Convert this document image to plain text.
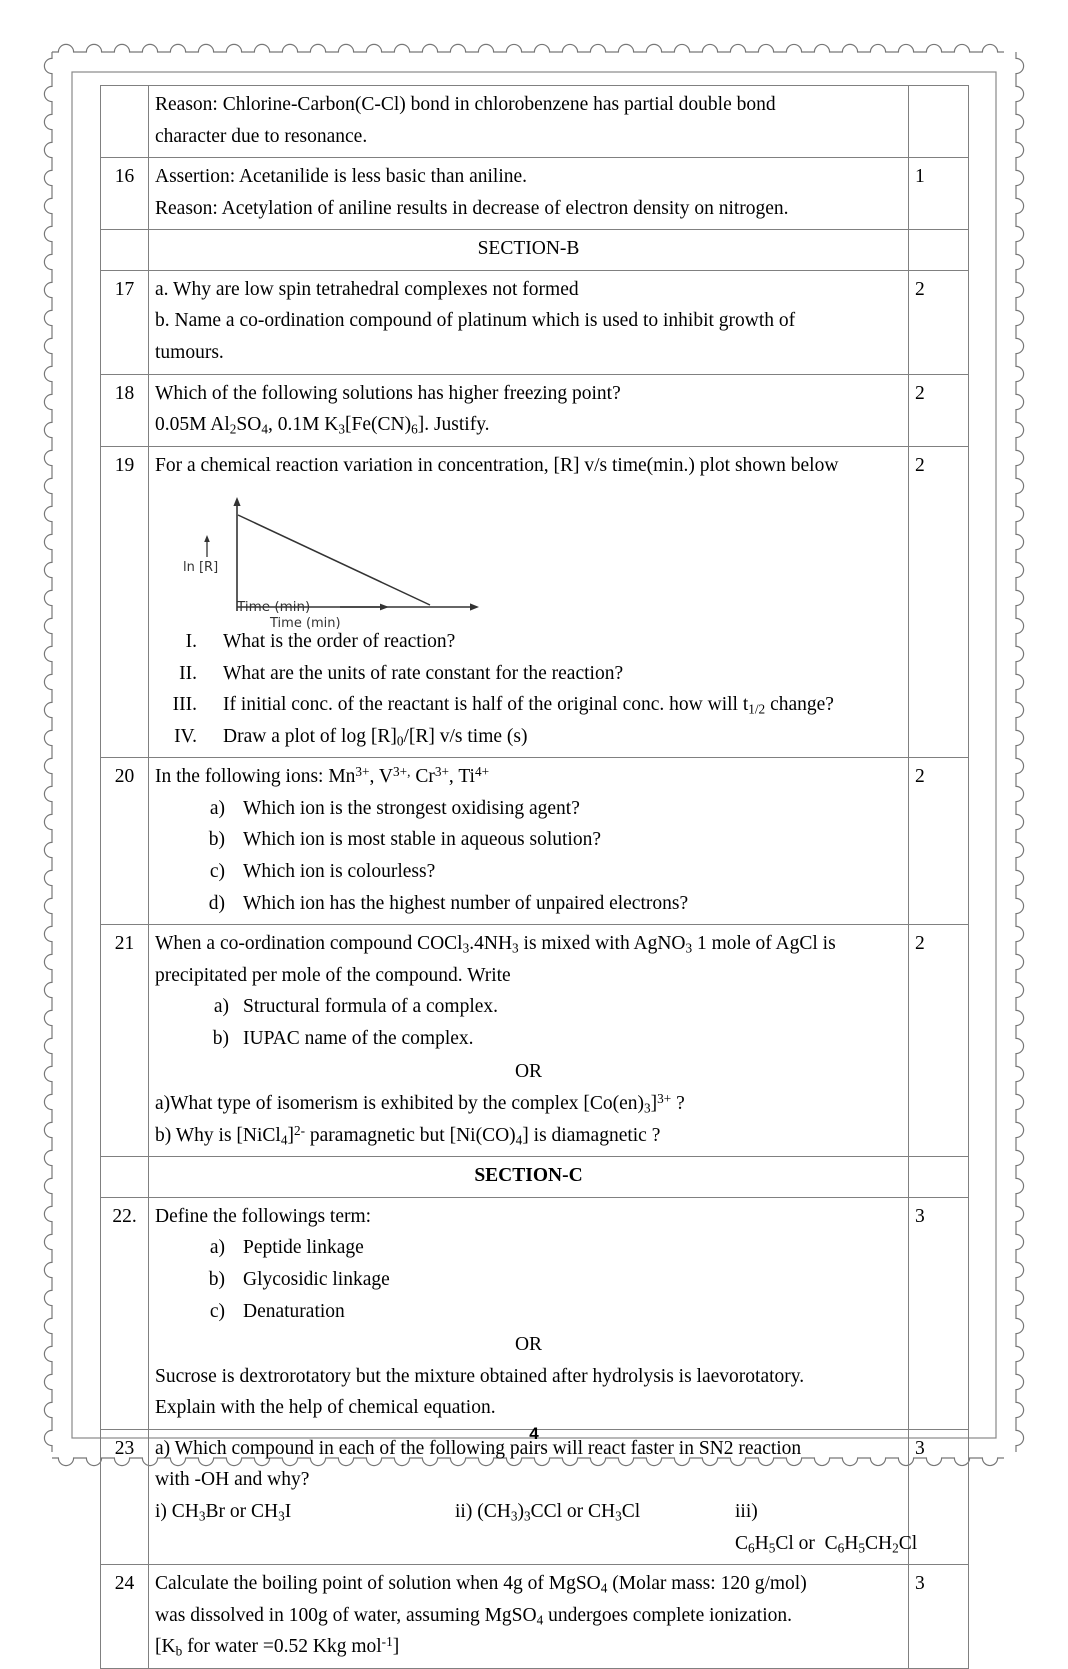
	Reason: Chlorine-Carbon(C-Cl) bond in chlorobenzene has partial double bond
character due to resonance.	

16	Assertion: Acetanilide is less basic than aniline.
Reason: Acetylation of aniline results in decrease of electron density on nitrogen.	1
	SECTION-B	
17	a. Why are low spin tetrahedral complexes not formed
b. Name a co-ordination compound of platinum which is used to inhibit growth of
tumours.	2
18	Which of the following solutions has higher freezing point?
0.05M $Al_2SO_4$, 0.1M $K_3[Fe(CN)_6]$. Justify.	2
19	For a chemical reaction variation in concentration, [R] v/s time(min.) plot shown below
ln [R]
Time (min)
Time (min)
I.	What is the order of reaction?
II.	What are the units of rate constant for the reaction?
III.	If initial conc. of the reactant is half of the original conc. how will $t_{1/2}$ change?
IV.	Draw a plot of $\log [R]_0/[R]$ v/s time (s)
	2
20	In the following ions: $Mn^{3+}$, $V^{3+,}$ $Cr^{3+}$, $Ti^{4+}$
a) Which ion is the strongest oxidising agent?
b) Which ion is most stable in aqueous solution?
c) Which ion is colourless?
d) Which ion has the highest number of unpaired electrons?
	2
21	When a co-ordination compound $COCl_3.4NH_3$ is mixed with AgNO$_3$ 1 mole of AgCl is
precipitated per mole of the compound. Write
a) Structural formula of a complex.
b) IUPAC name of the complex.
OR
a)What type of isomerism is exhibited by the complex $[Co(en)_3]^{3+}$ ?
b) Why is [NiCl$_4$]$^{2-}$ paramagnetic but $[Ni(CO)_4]$ is diamagnetic ?
	2
	SECTION-C	
22.	Define the followings term:
a) Peptide linkage
b) Glycosidic linkage
c) Denaturation
OR
Sucrose is dextrorotatory but the mixture obtained after hydrolysis is laevorotatory.
Explain with the help of chemical equation.
	3
23	a) Which compound in each of the following pairs will react faster in SN2 reaction
with -OH and why?
i) $CH_3Br$ or $CH_3I$ ii) $(CH_3)_3CCl$ or $CH_3Cl$ iii) $C_6H_5Cl$ or  $C_6H_5CH_2Cl$	3
24	Calculate the boiling point of solution when 4g of MgSO$_4$ (Molar mass: 120 g/mol)
was dissolved in 100g of water, assuming MgSO$_4$ undergoes complete ionization.
[$K_b$ for water =0.52 Kkg mol$^{-1}$]	3
4
